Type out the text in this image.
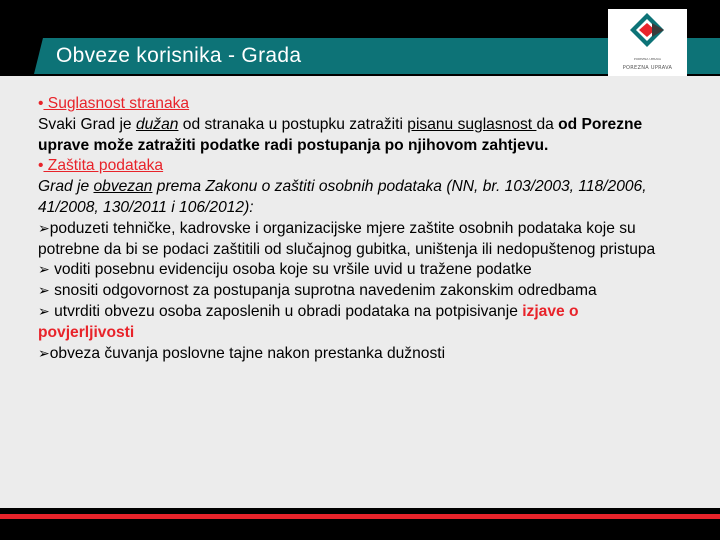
Obveze korisnika - Grada	POREZNA UPRAVA
POREZNA UPRAVA

• Suglasnost stranaka

Svaki Grad je dužan od stranaka u postupku zatražiti pisanu suglasnost da od Porezne uprave može zatražiti podatke radi postupanja po njihovom zahtjevu.

• Zaštita podataka

Grad je obvezan prema Zakonu o zaštiti osobnih podataka (NN, br. 103/2003, 118/2006, 41/2008, 130/2011 i 106/2012):

➢poduzeti tehničke, kadrovske i organizacijske mjere zaštite osobnih podataka koje su potrebne da bi se podaci zaštitili od slučajnog gubitka, uništenja ili nedopuštenog pristupa

➢ voditi posebnu evidenciju osoba koje su vršile uvid u tražene podatke

➢ snositi odgovornost za postupanja suprotna navedenim zakonskim odredbama

➢ utvrditi obvezu osoba zaposlenih u obradi podataka na potpisivanje izjave o povjerljivosti

➢obveza čuvanja poslovne tajne nakon prestanka dužnosti
